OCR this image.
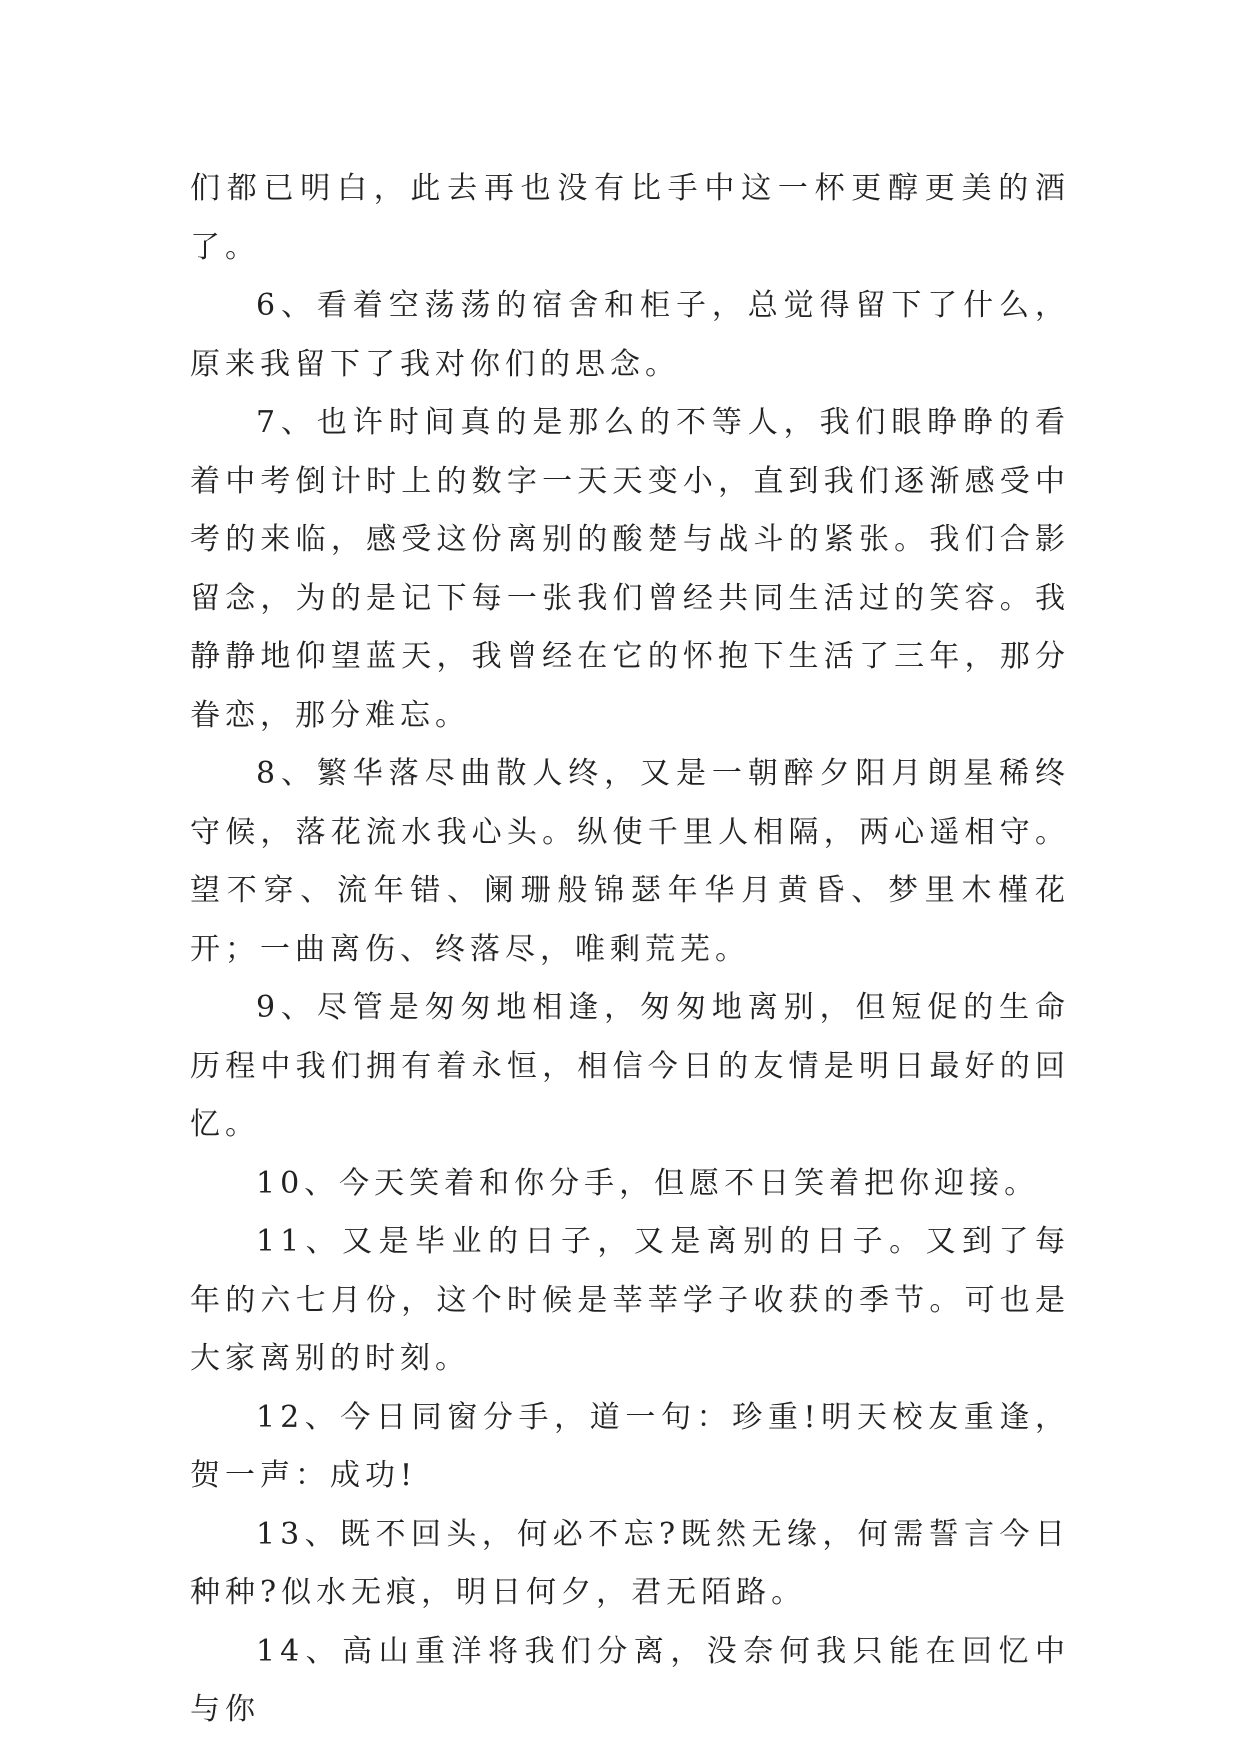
们都已明白，此去再也没有比手中这一杯更醇更美的酒了。

6、看着空荡荡的宿舍和柜子，总觉得留下了什么，原来我留下了我对你们的思念。

7、也许时间真的是那么的不等人，我们眼睁睁的看着中考倒计时上的数字一天天变小，直到我们逐渐感受中考的来临，感受这份离别的酸楚与战斗的紧张。我们合影留念，为的是记下每一张我们曾经共同生活过的笑容。我静静地仰望蓝天，我曾经在它的怀抱下生活了三年，那分眷恋，那分难忘。

8、繁华落尽曲散人终，又是一朝醉夕阳月朗星稀终守候，落花流水我心头。纵使千里人相隔，两心遥相守。望不穿、流年错、阑珊般锦瑟年华月黄昏、梦里木槿花开；一曲离伤、终落尽，唯剩荒芜。

9、尽管是匆匆地相逢，匆匆地离别，但短促的生命历程中我们拥有着永恒，相信今日的友情是明日最好的回忆。

10、今天笑着和你分手，但愿不日笑着把你迎接。

11、又是毕业的日子，又是离别的日子。又到了每年的六七月份，这个时候是莘莘学子收获的季节。可也是大家离别的时刻。

12、今日同窗分手，道一句：珍重!明天校友重逢，贺一声：成功!

13、既不回头，何必不忘?既然无缘，何需誓言今日种种?似水无痕，明日何夕，君无陌路。

14、高山重洋将我们分离，没奈何我只能在回忆中与你
